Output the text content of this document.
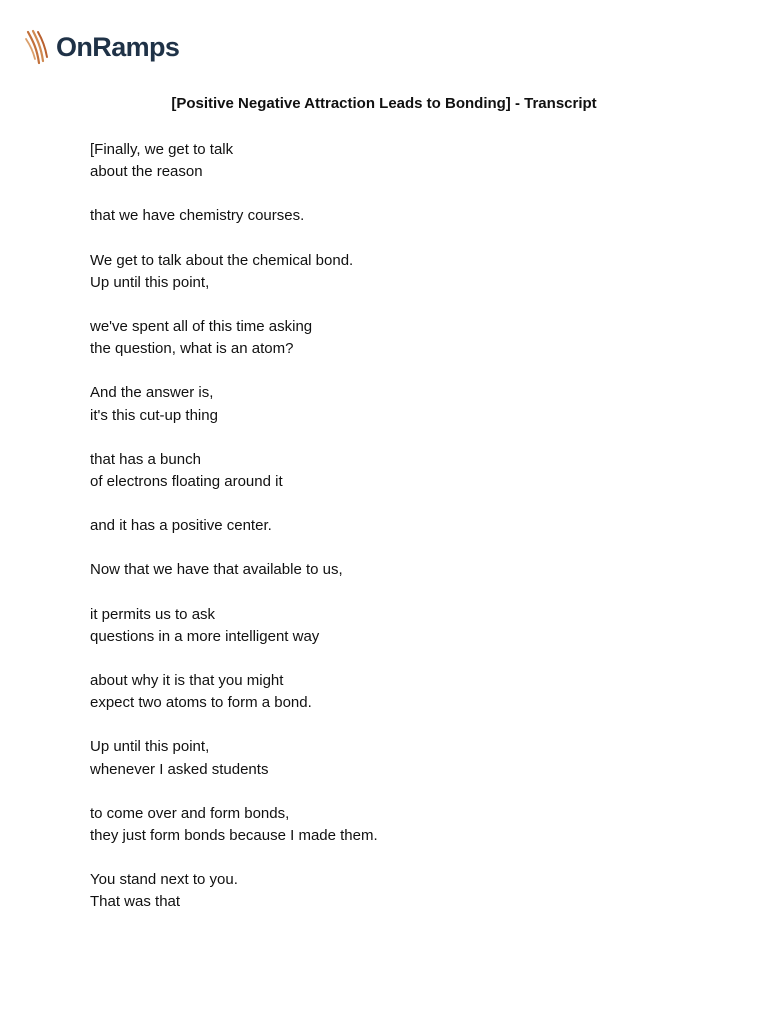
OnRamps
[Positive Negative Attraction Leads to Bonding] - Transcript

[Finally, we get to talk
about the reason

that we have chemistry courses.

We get to talk about the chemical bond.
Up until this point,

we've spent all of this time asking
the question, what is an atom?

And the answer is,
it's this cut-up thing

that has a bunch
of electrons floating around it

and it has a positive center.

Now that we have that available to us,

it permits us to ask
questions in a more intelligent way

about why it is that you might
expect two atoms to form a bond.

Up until this point,
whenever I asked students

to come over and form bonds,
they just form bonds because I made them.

You stand next to you.
That was that
